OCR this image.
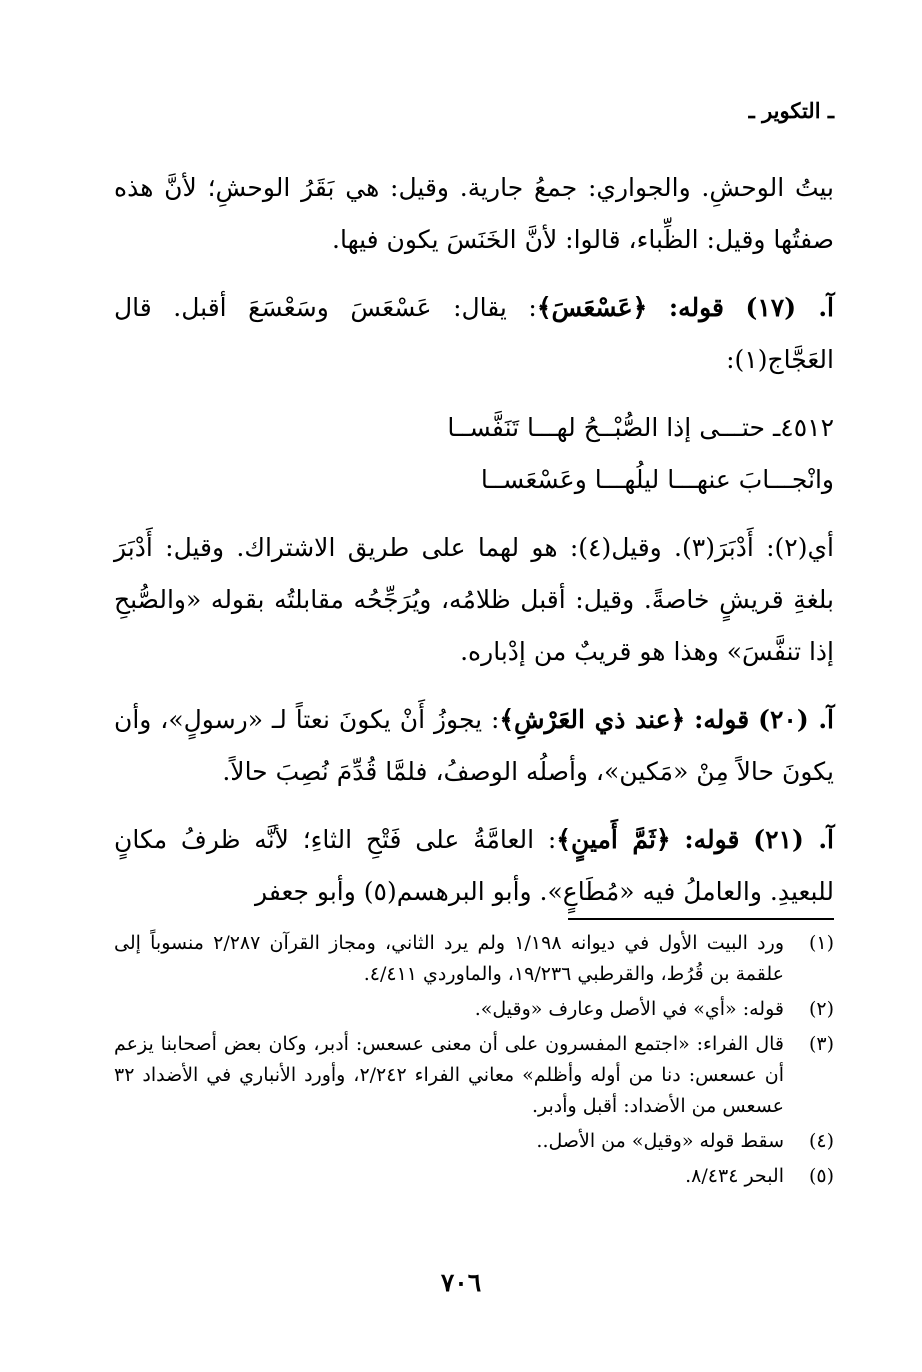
ـ التكوير ـ

بيتُ الوحشِ. والجواري: جمعُ جارية. وقيل: هي بَقَرُ الوحشِ؛ لأنَّ هذه صفتُها وقيل: الظِّباء، قالوا: لأنَّ الخَنَسَ يكون فيها.

آ. (١٧) قوله: ﴿عَسْعَسَ﴾: يقال: عَسْعَسَ وسَعْسَعَ أقبل. قال العَجَّاج(١):

٤٥١٢ـ حتـــى إذا الصُّبْــحُ لهـــا تَنَفَّســا
وانْجـــابَ عنهـــا ليلُهـــا وعَسْعَســا

أي(٢): أَدْبَرَ(٣). وقيل(٤): هو لهما على طريق الاشتراك. وقيل: أَدْبَرَ بلغةِ قريشٍ خاصةً. وقيل: أقبل ظلامُه، ويُرَجِّحُه مقابلتُه بقوله «والصُّبحِ إذا تنفَّسَ» وهذا هو قريبٌ من إدْباره.

آ. (٢٠) قوله: ﴿عند ذي العَرْشِ﴾: يجوزُ أَنْ يكونَ نعتاً لـ «رسولٍ»، وأن يكونَ حالاً مِنْ «مَكين»، وأصلُه الوصفُ، فلمَّا قُدِّمَ نُصِبَ حالاً.

آ. (٢١) قوله: ﴿ثَمَّ أَمينٍ﴾: العامَّةُ على فَتْحِ الثاءِ؛ لأنَّه ظرفُ مكانٍ للبعيدِ. والعاملُ فيه «مُطَاعٍ». وأبو البرهسم(٥) وأبو جعفر

(١)
ورد البيت الأول في ديوانه ١/١٩٨ ولم يرد الثاني، ومجاز القرآن ٢/٢٨٧ منسوباً إلى علقمة بن قُرُط، والقرطبي ١٩/٢٣٦، والماوردي ٤/٤١١.
(٢)
قوله: «أي» في الأصل وعارف «وقيل».
(٣)
قال الفراء: «اجتمع المفسرون على أن معنى عسعس: أدبر، وكان بعض أصحابنا يزعم أن عسعس: دنا من أوله وأظلم» معاني الفراء ٢/٢٤٢، وأورد الأنباري في الأضداد ٣٢ عسعس من الأضداد: أقبل وأدبر.
(٤)
سقط قوله «وقيل» من الأصل..
(٥)
البحر ٨/٤٣٤.
٧٠٦
